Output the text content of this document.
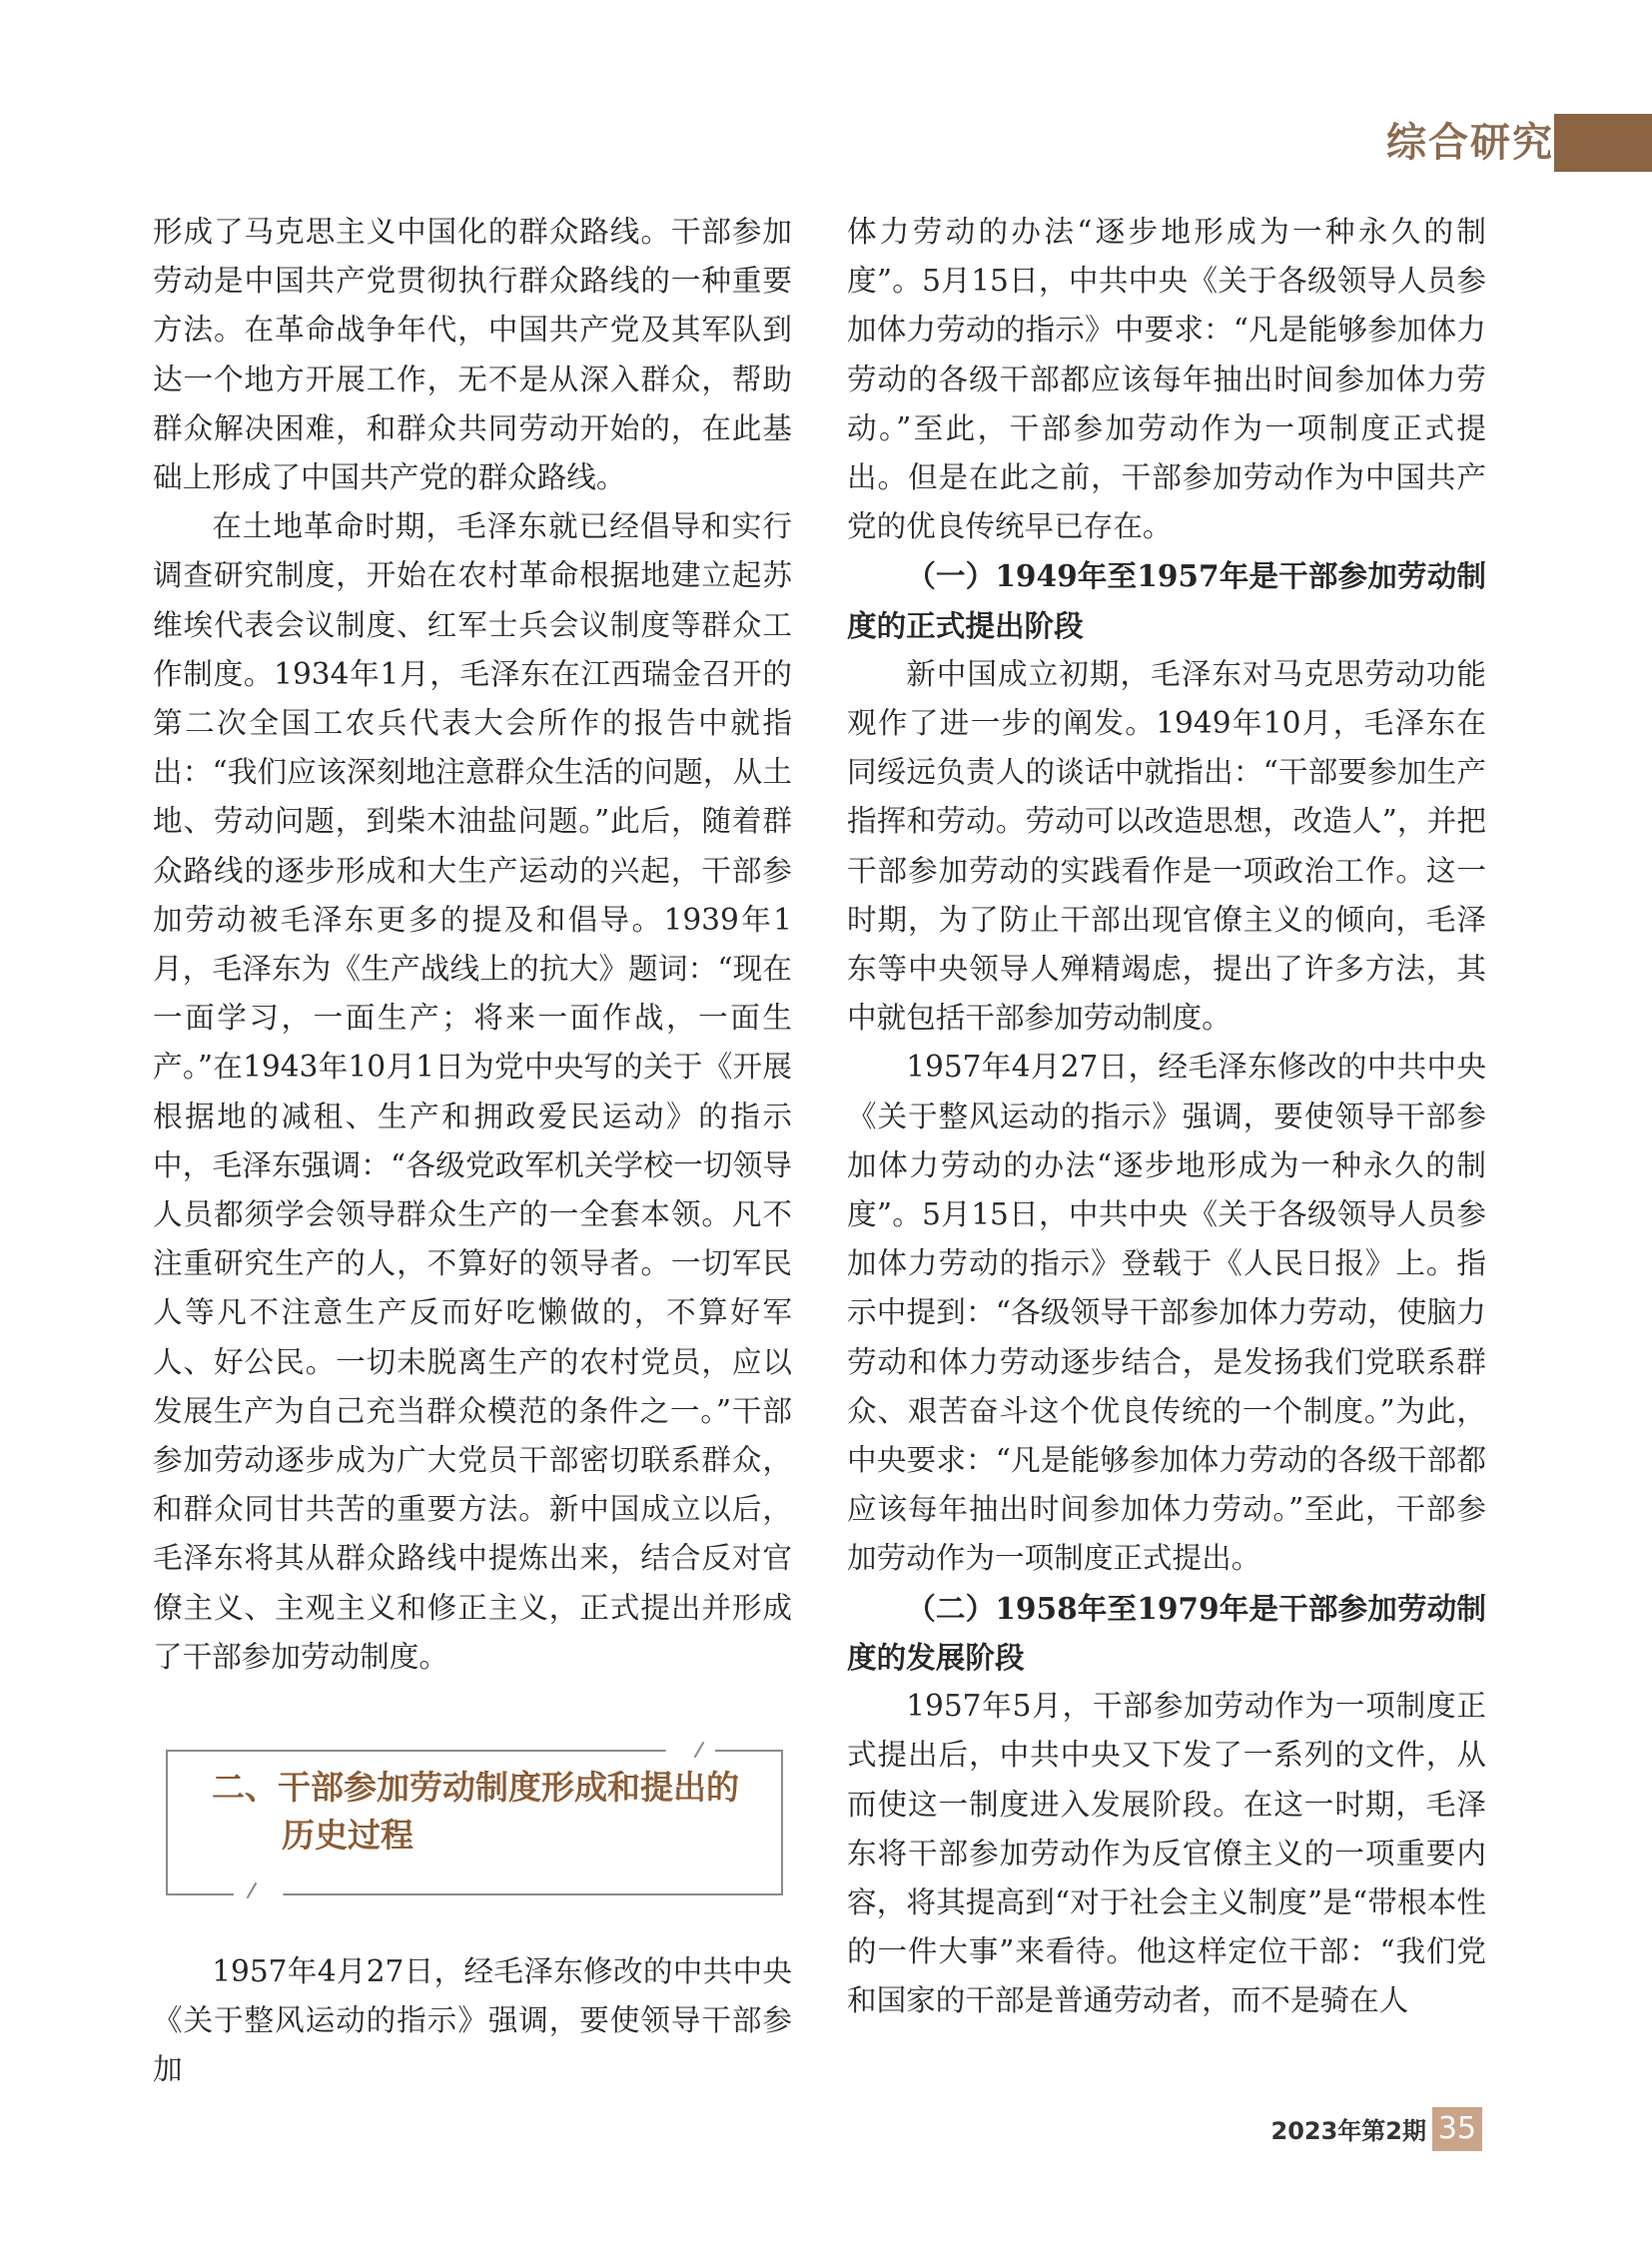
综合研究

形成了马克思主义中国化的群众路线。干部参加劳动是中国共产党贯彻执行群众路线的一种重要方法。在革命战争年代，中国共产党及其军队到达一个地方开展工作，无不是从深入群众，帮助群众解决困难，和群众共同劳动开始的，在此基础上形成了中国共产党的群众路线。

在土地革命时期，毛泽东就已经倡导和实行调查研究制度，开始在农村革命根据地建立起苏维埃代表会议制度、红军士兵会议制度等群众工作制度。1934年1月，毛泽东在江西瑞金召开的第二次全国工农兵代表大会所作的报告中就指出：“我们应该深刻地注意群众生活的问题，从土地、劳动问题，到柴木油盐问题。”此后，随着群众路线的逐步形成和大生产运动的兴起，干部参加劳动被毛泽东更多的提及和倡导。1939年1月，毛泽东为《生产战线上的抗大》题词：“现在一面学习，一面生产；将来一面作战，一面生产。”在1943年10月1日为党中央写的关于《开展根据地的减租、生产和拥政爱民运动》的指示中，毛泽东强调：“各级党政军机关学校一切领导人员都须学会领导群众生产的一全套本领。凡不注重研究生产的人，不算好的领导者。一切军民人等凡不注意生产反而好吃懒做的，不算好军人、好公民。一切未脱离生产的农村党员，应以发展生产为自己充当群众模范的条件之一。”干部参加劳动逐步成为广大党员干部密切联系群众，和群众同甘共苦的重要方法。新中国成立以后，毛泽东将其从群众路线中提炼出来，结合反对官僚主义、主观主义和修正主义，正式提出并形成了干部参加劳动制度。

二、干部参加劳动制度形成和提出的
历史过程

1957年4月27日，经毛泽东修改的中共中央《关于整风运动的指示》强调，要使领导干部参加

体力劳动的办法“逐步地形成为一种永久的制度”。5月15日，中共中央《关于各级领导人员参加体力劳动的指示》中要求：“凡是能够参加体力劳动的各级干部都应该每年抽出时间参加体力劳动。”至此，干部参加劳动作为一项制度正式提出。但是在此之前，干部参加劳动作为中国共产党的优良传统早已存在。

（一）1949年至1957年是干部参加劳动制度的正式提出阶段

新中国成立初期，毛泽东对马克思劳动功能观作了进一步的阐发。1949年10月，毛泽东在同绥远负责人的谈话中就指出：“干部要参加生产指挥和劳动。劳动可以改造思想，改造人”，并把干部参加劳动的实践看作是一项政治工作。这一时期，为了防止干部出现官僚主义的倾向，毛泽东等中央领导人殚精竭虑，提出了许多方法，其中就包括干部参加劳动制度。

1957年4月27日，经毛泽东修改的中共中央《关于整风运动的指示》强调，要使领导干部参加体力劳动的办法“逐步地形成为一种永久的制度”。5月15日，中共中央《关于各级领导人员参加体力劳动的指示》登载于《人民日报》上。指示中提到：“各级领导干部参加体力劳动，使脑力劳动和体力劳动逐步结合，是发扬我们党联系群众、艰苦奋斗这个优良传统的一个制度。”为此，中央要求：“凡是能够参加体力劳动的各级干部都应该每年抽出时间参加体力劳动。”至此，干部参加劳动作为一项制度正式提出。

（二）1958年至1979年是干部参加劳动制度的发展阶段

1957年5月，干部参加劳动作为一项制度正式提出后，中共中央又下发了一系列的文件，从而使这一制度进入发展阶段。在这一时期，毛泽东将干部参加劳动作为反官僚主义的一项重要内容，将其提高到“对于社会主义制度”是“带根本性的一件大事”来看待。他这样定位干部：“我们党和国家的干部是普通劳动者，而不是骑在人

2023年第2期 35
